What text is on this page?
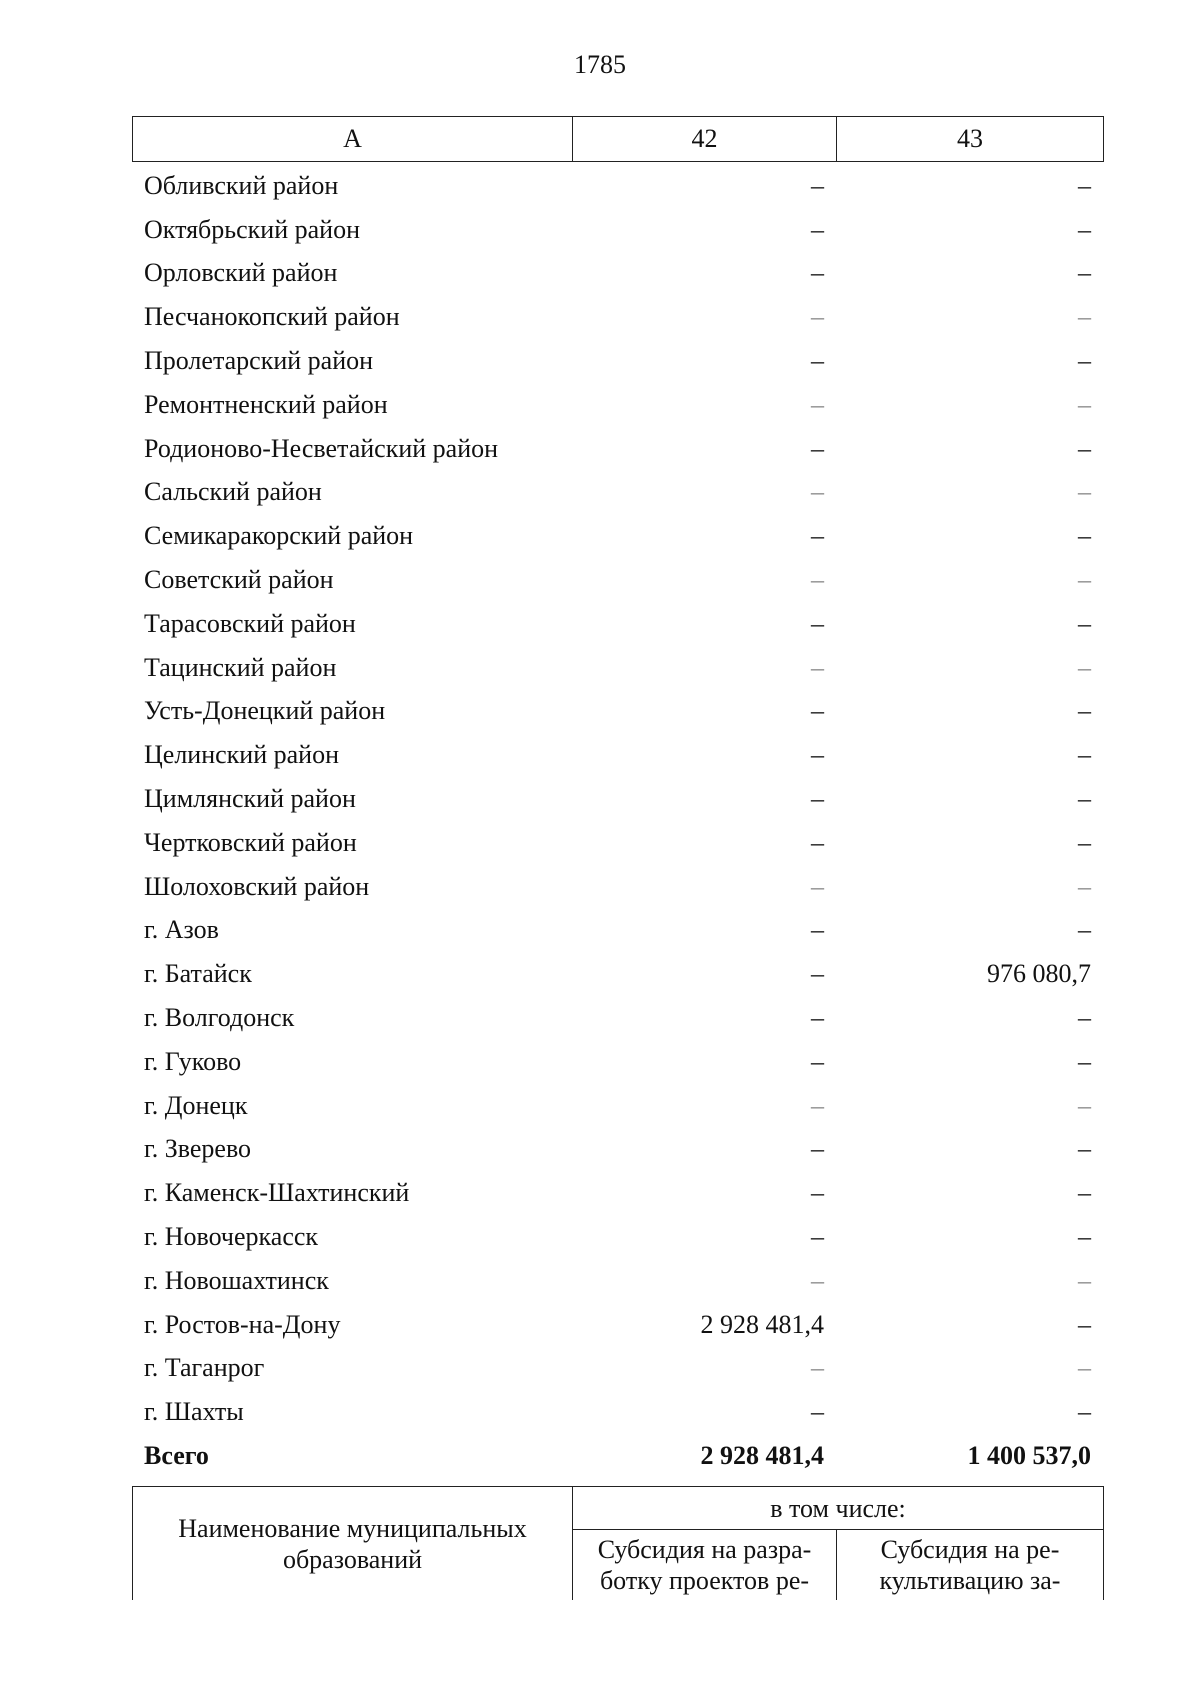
1785
А	42	43
Обливский район	–	–
Октябрьский район	–	–
Орловский район	–	–
Песчанокопский район	–	–
Пролетарский район	–	–
Ремонтненский район	–	–
Родионово-Несветайский район	–	–
Сальский район	–	–
Семикаракорский район	–	–
Советский район	–	–
Тарасовский район	–	–
Тацинский район	–	–
Усть-Донецкий район	–	–
Целинский район	–	–
Цимлянский район	–	–
Чертковский район	–	–
Шолоховский район	–	–
г. Азов	–	–
г. Батайск	–	976 080,7
г. Волгодонск	–	–
г. Гуково	–	–
г. Донецк	–	–
г. Зверево	–	–
г. Каменск-Шахтинский	–	–
г. Новочеркасск	–	–
г. Новошахтинск	–	–
г. Ростов-на-Дону	2 928 481,4	–
г. Таганрог	–	–
г. Шахты	–	–
Всего	2 928 481,4	1 400 537,0
Наименование муниципальных образований	в том числе:	
	Субсидия на разра-ботку проектов ре-	Субсидия на ре-культивацию за-
